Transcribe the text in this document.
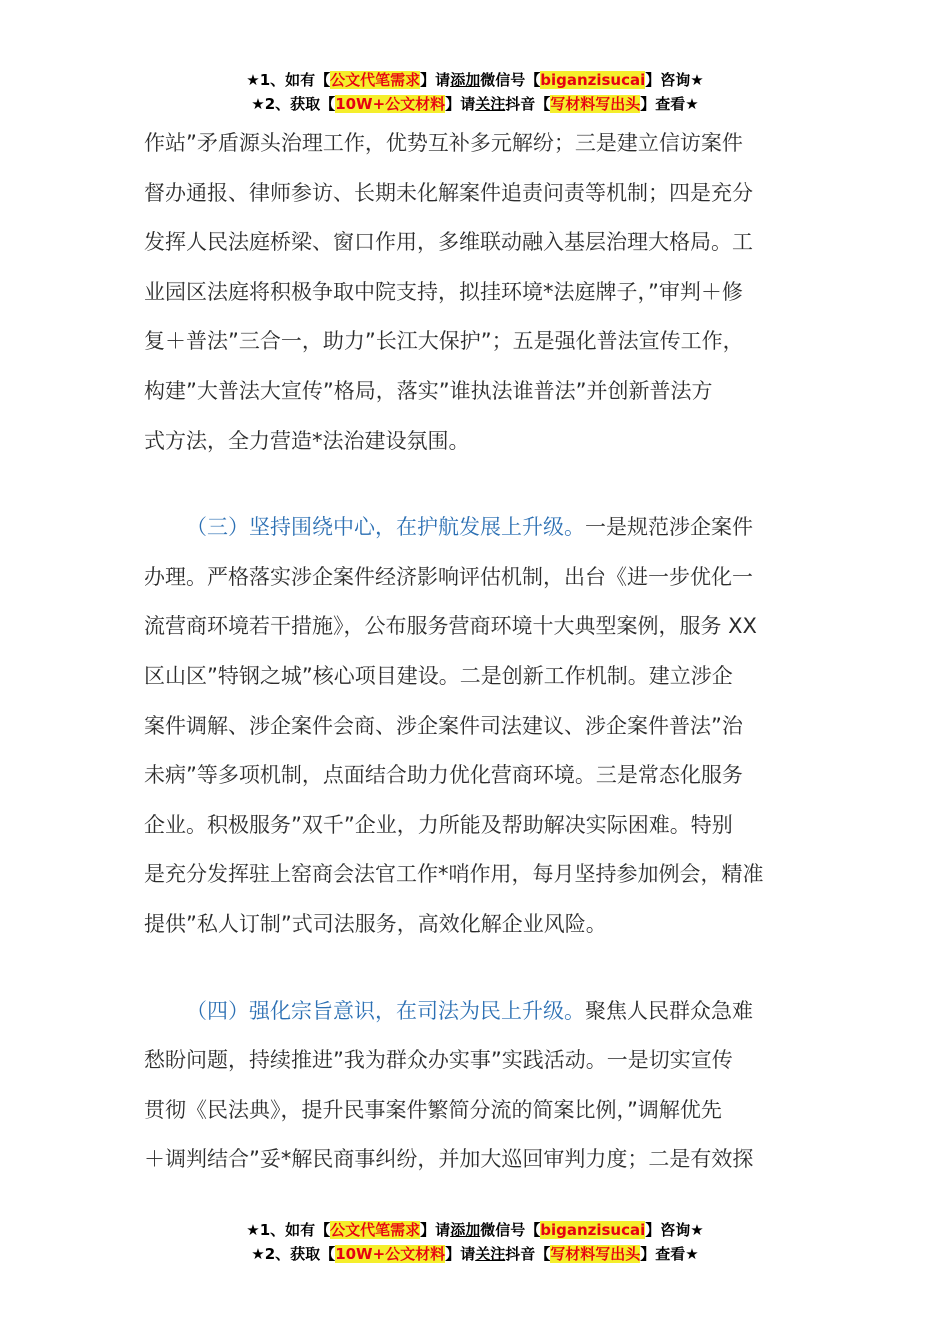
★1、如有【公文代笔需求】请添加微信号【biganzisucai】咨询★
★2、获取【10W+公文材料】请关注抖音【写材料写出头】查看★
作站”矛盾源头治理工作，优势互补多元解纷；三是建立信访案件
督办通报、律师参访、长期未化解案件追责问责等机制；四是充分
发挥人民法庭桥梁、窗口作用，多维联动融入基层治理大格局。工
业园区法庭将积极争取中院支持，拟挂环境*法庭牌子，”审判＋修
复＋普法”三合一，助力”长江大保护”；五是强化普法宣传工作，
构建”大普法大宣传”格局，落实”谁执法谁普法”并创新普法方
式方法，全力营造*法治建设氛围。
（三）坚持围绕中心，在护航发展上升级。一是规范涉企案件
办理。严格落实涉企案件经济影响评估机制，出台《进一步优化一
流营商环境若干措施》，公布服务营商环境十大典型案例，服务 XX
区山区”特钢之城”核心项目建设。二是创新工作机制。建立涉企
案件调解、涉企案件会商、涉企案件司法建议、涉企案件普法”治
未病”等多项机制，点面结合助力优化营商环境。三是常态化服务
企业。积极服务”双千”企业，力所能及帮助解决实际困难。特别
是充分发挥驻上窑商会法官工作*哨作用，每月坚持参加例会，精准
提供”私人订制”式司法服务，高效化解企业风险。
（四）强化宗旨意识，在司法为民上升级。聚焦人民群众急难
愁盼问题，持续推进”我为群众办实事”实践活动。一是切实宣传
贯彻《民法典》，提升民事案件繁简分流的简案比例，”调解优先
＋调判结合”妥*解民商事纠纷，并加大巡回审判力度；二是有效探
★1、如有【公文代笔需求】请添加微信号【biganzisucai】咨询★
★2、获取【10W+公文材料】请关注抖音【写材料写出头】查看★
